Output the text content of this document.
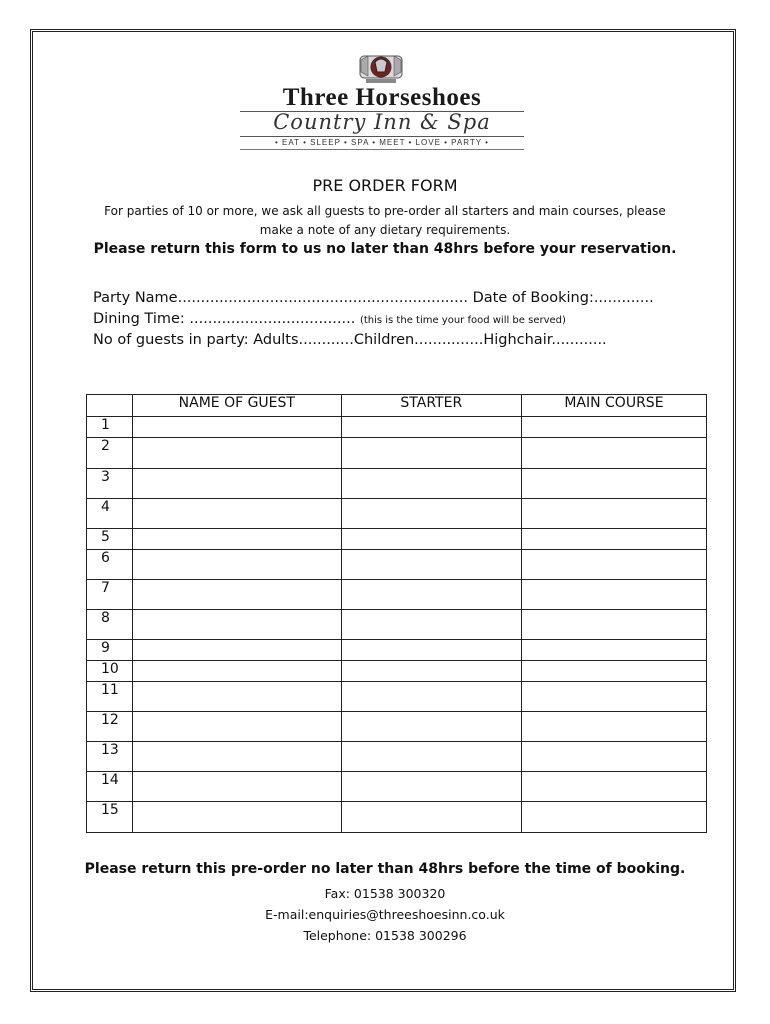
Three Horseshoes
Country Inn & Spa
• EAT • SLEEP • SPA • MEET • LOVE • PARTY •
PRE ORDER FORM
For parties of 10 or more, we ask all guests to pre-order all starters and main courses, please
make a note of any dietary requirements.
Please return this form to us no later than 48hrs before your reservation.
Party Name............................................................... Date of Booking:.............
Dining Time: .................................... (this is the time your food will be served)
No of guests in party: Adults............Children...............Highchair............
	NAME OF GUEST	STARTER	MAIN COURSE
1			
2			
3			
4			
5			
6			
7			
8			
9			
10			
11			
12			
13			
14			
15			
Please return this pre-order no later than 48hrs before the time of booking.
Fax: 01538 300320
E-mail:enquiries@threeshoesinn.co.uk
Telephone: 01538 300296
